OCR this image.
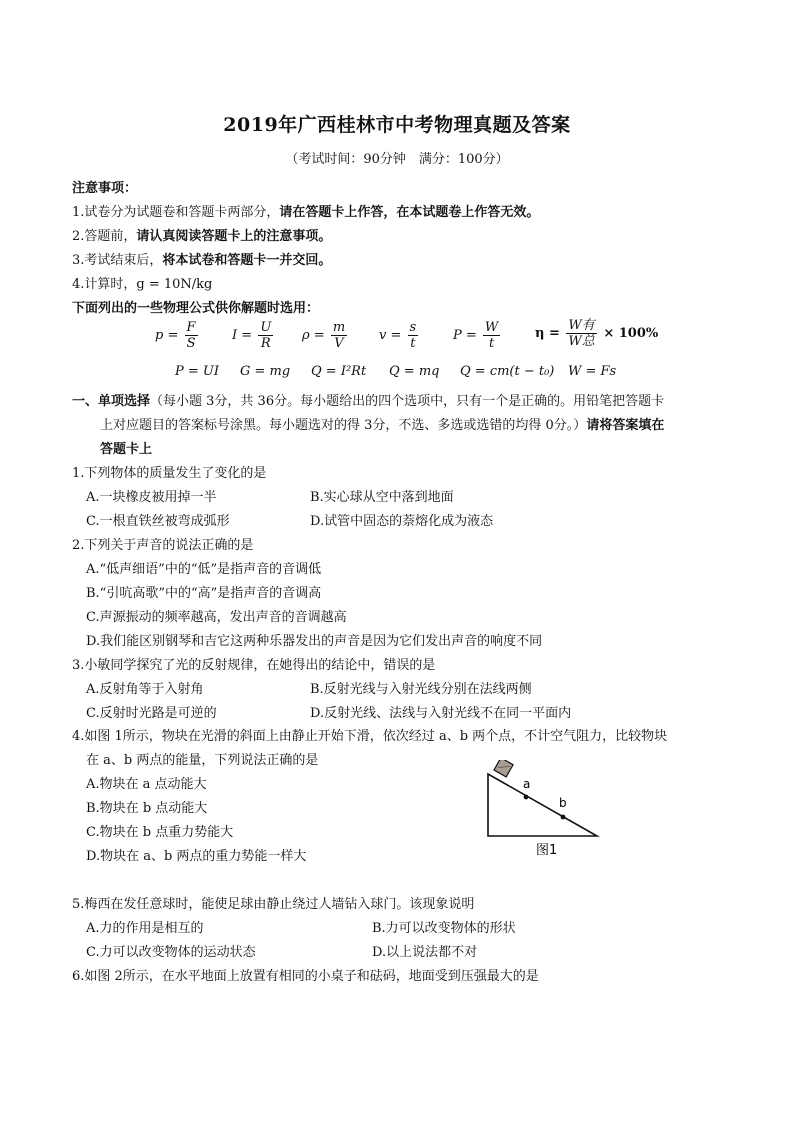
2019年广西桂林市中考物理真题及答案
（考试时间：90分钟　满分：100分）
注意事项：
1.试卷分为试题卷和答题卡两部分，请在答题卡上作答，在本试题卷上作答无效。
2.答题前，请认真阅读答题卡上的注意事项。
3.考试结束后，将本试卷和答题卡一并交回。
4.计算时，g = 10N/kg
下面列出的一些物理公式供你解题时选用：
$p = \frac{F}{S}$	$I = \frac{U}{R}$ $\rho = \frac{m}{V}$ $v = \frac{s}{t}$	$P = \frac{W}{t}$	η =
W有
W总
× 100%
P = UI G = mg Q = I²Rt Q = mq Q = cm(t − t₀) W = Fs
一、单项选择（每小题 3分，共 36分。每小题给出的四个选项中，只有一个是正确的。用铅笔把答题卡
上对应题目的答案标号涂黑。每小题选对的得 3分，不选、多选或选错的均得 0分。）请将答案填在
答题卡上
1.下列物体的质量发生了变化的是
A.一块橡皮被用掉一半	B.实心球从空中落到地面
C.一根直铁丝被弯成弧形	D.试管中固态的萘熔化成为液态
2.下列关于声音的说法正确的是
A.“低声细语”中的“低”是指声音的音调低
B.“引吭高歌”中的“高”是指声音的音调高
C.声源振动的频率越高，发出声音的音调越高
D.我们能区别钢琴和吉它这两种乐器发出的声音是因为它们发出声音的响度不同
3.小敏同学探究了光的反射规律，在她得出的结论中，错误的是
A.反射角等于入射角	B.反射光线与入射光线分别在法线两侧
C.反射时光路是可逆的	D.反射光线、法线与入射光线不在同一平面内
4.如图 1所示，物块在光滑的斜面上由静止开始下滑，依次经过 a、b 两个点，不计空气阻力，比较物块
在 a、b 两点的能量，下列说法正确的是
A.物块在 a 点动能大
B.物块在 b 点动能大
C.物块在 b 点重力势能大
D.物块在 a、b 两点的重力势能一样大
a
b
图1
5.梅西在发任意球时，能使足球由静止绕过人墙钻入球门。该现象说明
A.力的作用是相互的	B.力可以改变物体的形状
C.力可以改变物体的运动状态	D.以上说法都不对
6.如图 2所示，在水平地面上放置有相同的小桌子和砝码，地面受到压强最大的是
